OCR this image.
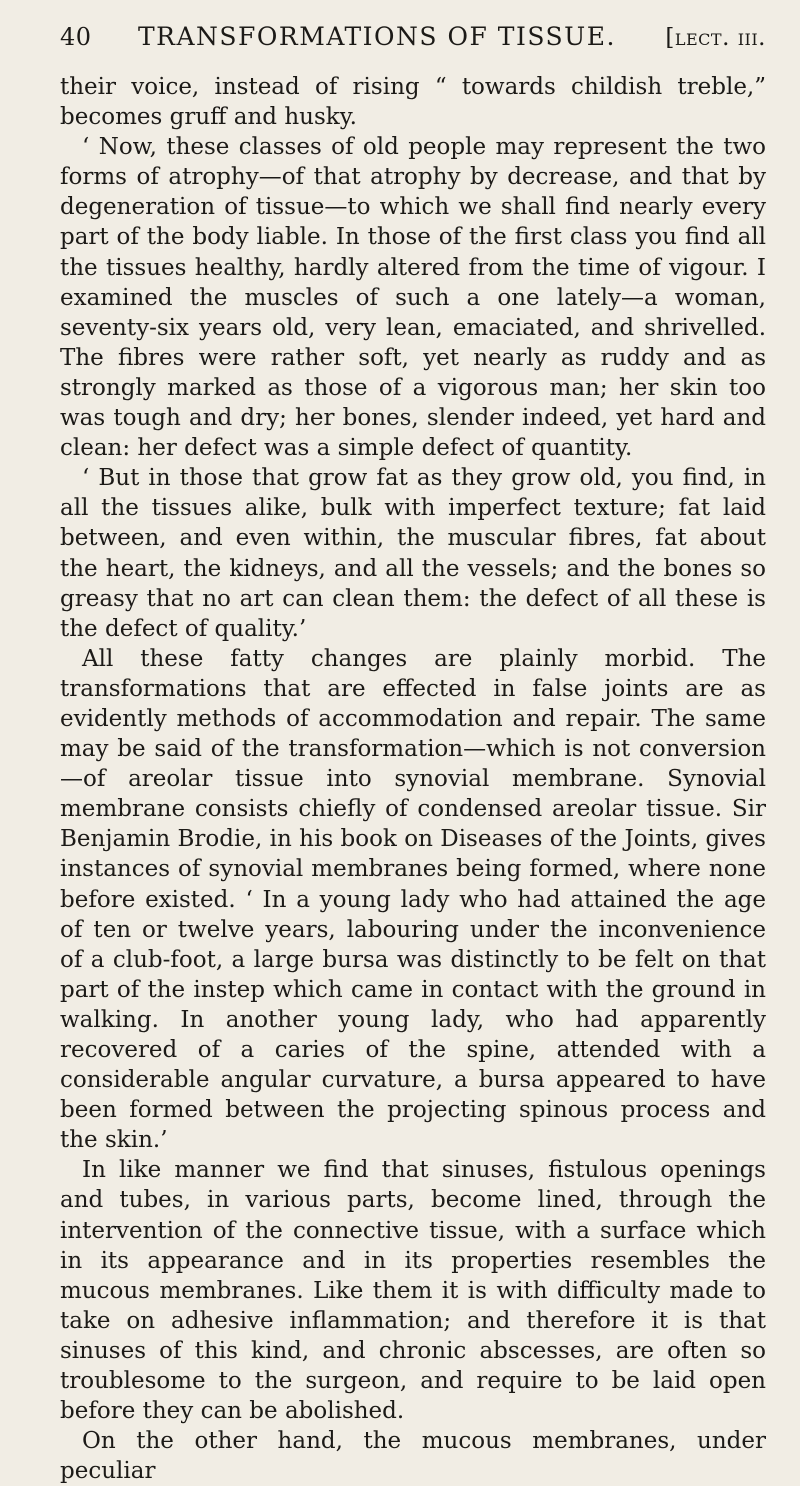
40	TRANSFORMATIONS OF TISSUE.	[lect. iii.

their voice, instead of rising “ towards childish treble,” becomes gruff and husky.

‘ Now, these classes of old people may represent the two forms of atrophy—of that atrophy by decrease, and that by degeneration of tissue—to which we shall find nearly every part of the body liable. In those of the first class you find all the tissues healthy, hardly altered from the time of vigour. I examined the muscles of such a one lately—a woman, seventy-six years old, very lean, emaciated, and shrivelled. The fibres were rather soft, yet nearly as ruddy and as strongly marked as those of a vigorous man; her skin too was tough and dry; her bones, slender indeed, yet hard and clean: her defect was a simple defect of quantity.

‘ But in those that grow fat as they grow old, you find, in all the tissues alike, bulk with imperfect texture; fat laid between, and even within, the muscular fibres, fat about the heart, the kidneys, and all the vessels; and the bones so greasy that no art can clean them: the defect of all these is the defect of quality.’

All these fatty changes are plainly morbid. The transformations that are effected in false joints are as evidently methods of accommodation and repair. The same may be said of the transformation—which is not conversion—of areolar tissue into synovial membrane. Synovial membrane consists chiefly of condensed areolar tissue. Sir Benjamin Brodie, in his book on Diseases of the Joints, gives instances of synovial membranes being formed, where none before existed. ‘ In a young lady who had attained the age of ten or twelve years, labouring under the inconvenience of a club-foot, a large bursa was distinctly to be felt on that part of the instep which came in contact with the ground in walking. In another young lady, who had apparently recovered of a caries of the spine, attended with a considerable angular curvature, a bursa appeared to have been formed between the projecting spinous process and the skin.’

In like manner we find that sinuses, fistulous openings and tubes, in various parts, become lined, through the intervention of the connective tissue, with a surface which in its appearance and in its properties resembles the mucous membranes. Like them it is with difficulty made to take on adhesive inflammation; and therefore it is that sinuses of this kind, and chronic abscesses, are often so troublesome to the surgeon, and require to be laid open before they can be abolished.

On the other hand, the mucous membranes, under peculiar
